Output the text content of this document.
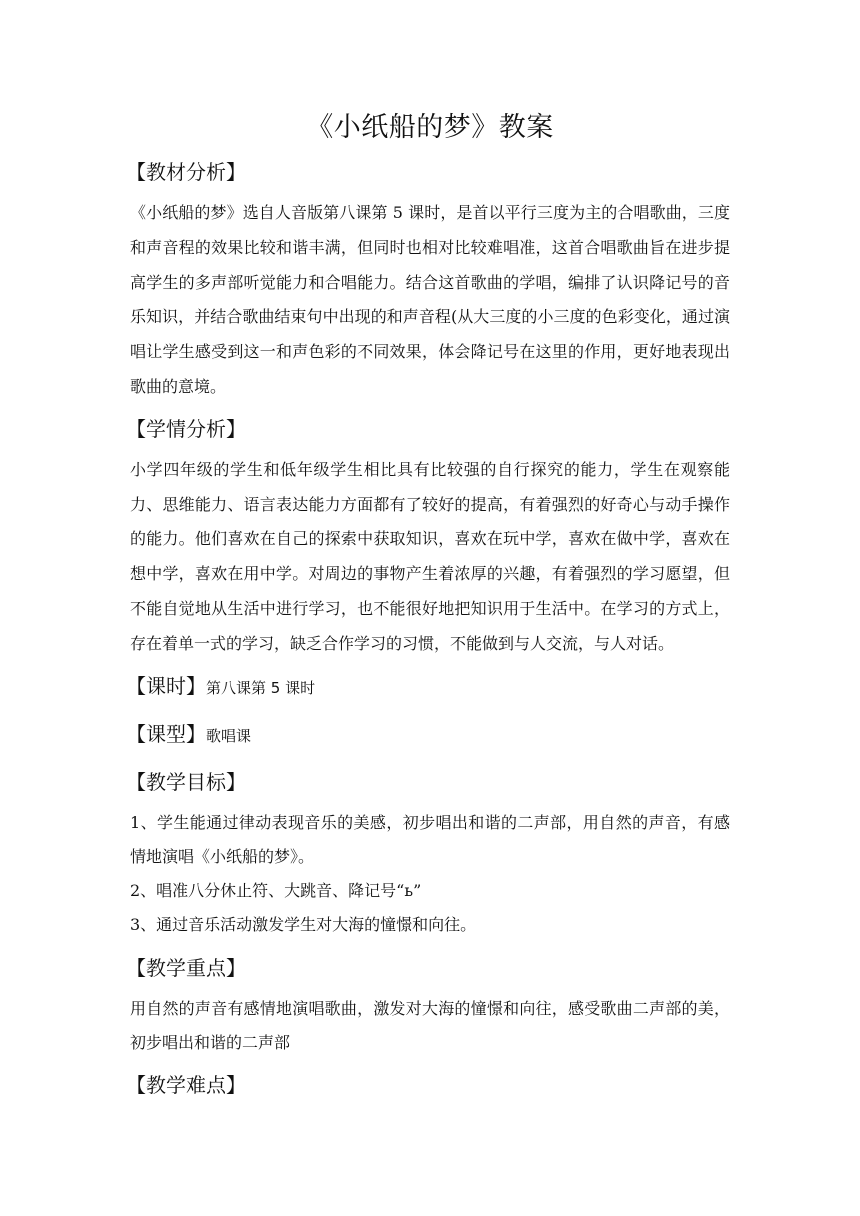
《小纸船的梦》教案
【教材分析】

《小纸船的梦》选自人音版第八课第 5 课时，是首以平行三度为主的合唱歌曲，三度和声音程的效果比较和谐丰满，但同时也相对比较难唱准，这首合唱歌曲旨在进步提高学生的多声部听觉能力和合唱能力。结合这首歌曲的学唱，编排了认识降记号的音乐知识，并结合歌曲结束句中出现的和声音程(从大三度的小三度的色彩变化，通过演唱让学生感受到这一和声色彩的不同效果，体会降记号在这里的作用，更好地表现出歌曲的意境。

【学情分析】

小学四年级的学生和低年级学生相比具有比较强的自行探究的能力，学生在观察能力、思维能力、语言表达能力方面都有了较好的提高，有着强烈的好奇心与动手操作的能力。他们喜欢在自己的探索中获取知识，喜欢在玩中学，喜欢在做中学，喜欢在想中学，喜欢在用中学。对周边的事物产生着浓厚的兴趣，有着强烈的学习愿望，但不能自觉地从生活中进行学习，也不能很好地把知识用于生活中。在学习的方式上，存在着单一式的学习，缺乏合作学习的习惯，不能做到与人交流，与人对话。

【课时】 第八课第 5 课时
【课型】 歌唱课
【教学目标】

1、学生能通过律动表现音乐的美感，初步唱出和谐的二声部，用自然的声音，有感情地演唱《小纸船的梦》。

2、唱准八分休止符、大跳音、降记号“ь”

3、通过音乐活动激发学生对大海的憧憬和向往。

【教学重点】

用自然的声音有感情地演唱歌曲，激发对大海的憧憬和向往，感受歌曲二声部的美，初步唱出和谐的二声部

【教学难点】
